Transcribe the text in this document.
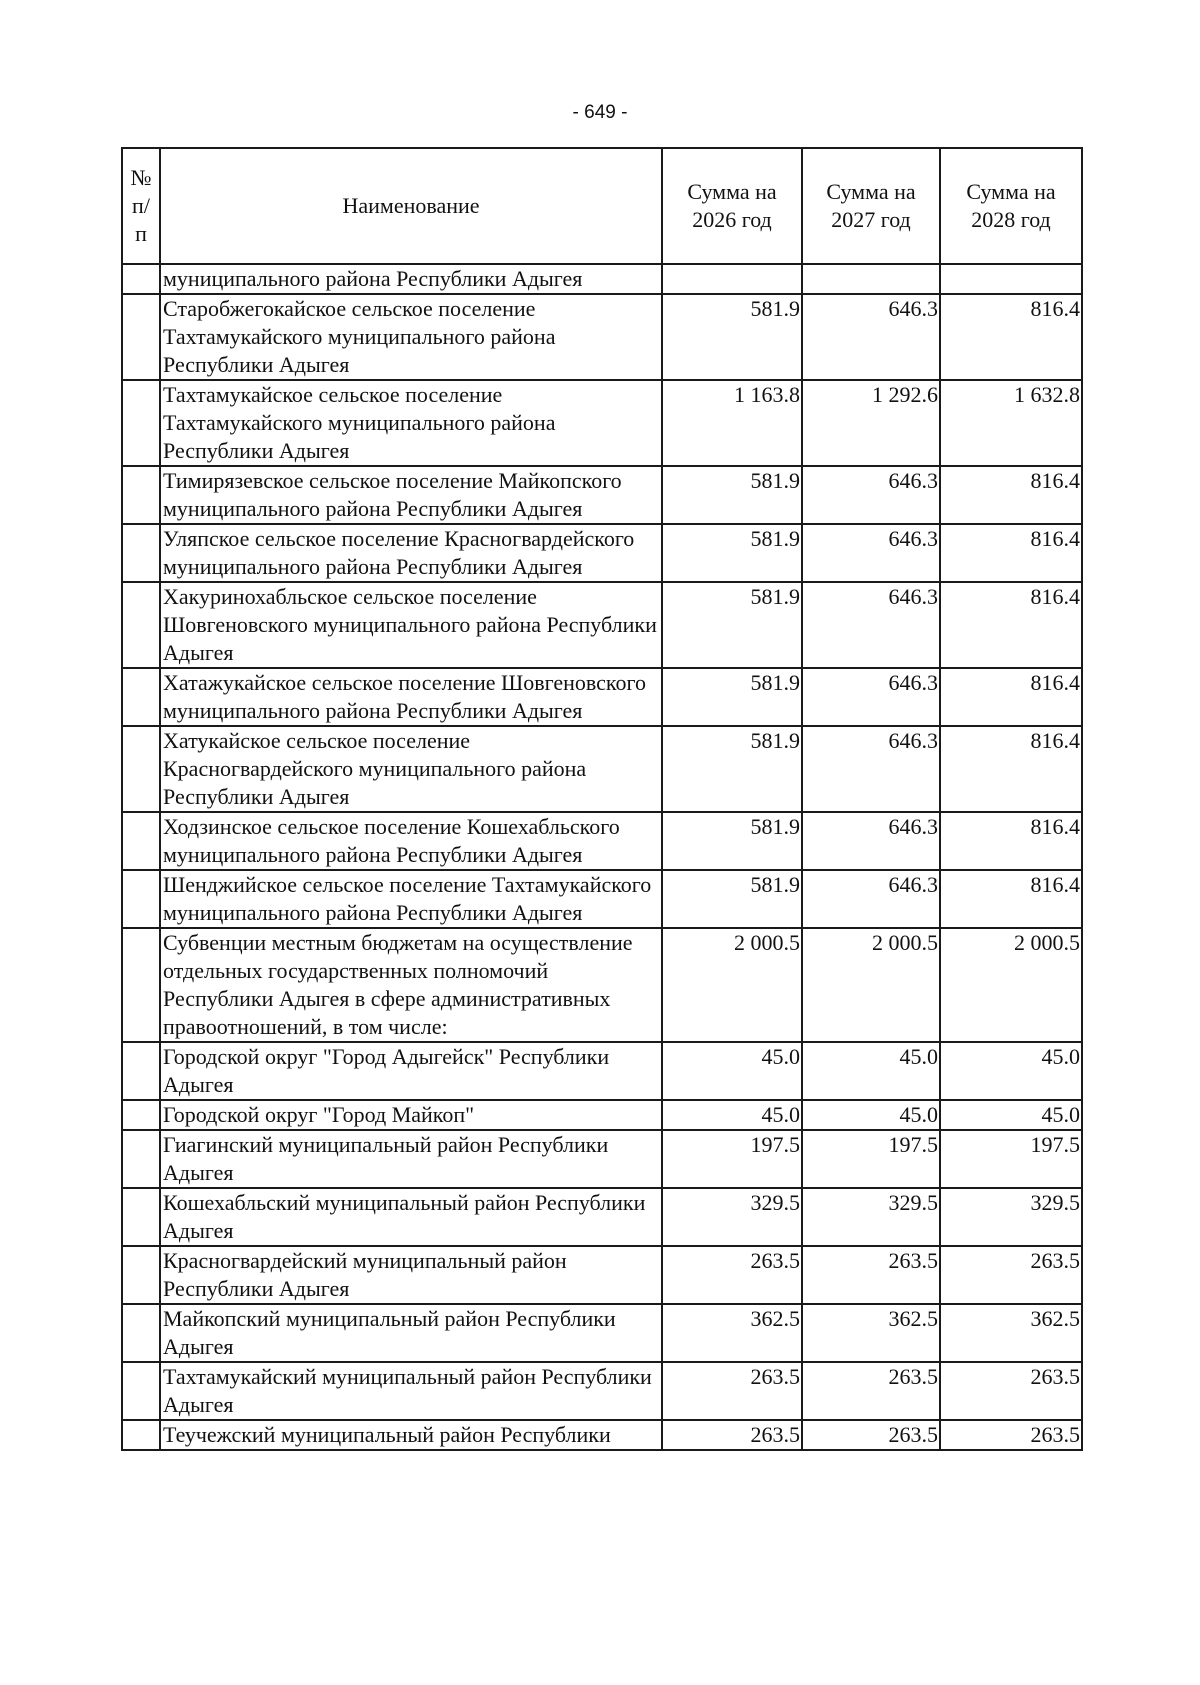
- 649 -
№ п/п	Наименование	Сумма на 2026 год	Сумма на 2027 год	Сумма на 2028 год
	муниципального района Республики Адыгея			
	Старобжегокайское сельское поселение Тахтамукайского муниципального района Республики Адыгея	581.9	646.3	816.4
	Тахтамукайское сельское поселение Тахтамукайского муниципального района Республики Адыгея	1 163.8	1 292.6	1 632.8
	Тимирязевское сельское поселение Майкопского муниципального района Республики Адыгея	581.9	646.3	816.4
	Уляпское сельское поселение Красногвардейского муниципального района Республики Адыгея	581.9	646.3	816.4
	Хакуринохабльское сельское поселение Шовгеновского муниципального района Республики Адыгея	581.9	646.3	816.4
	Хатажукайское сельское поселение Шовгеновского муниципального района Республики Адыгея	581.9	646.3	816.4
	Хатукайское сельское поселение Красногвардейского муниципального района Республики Адыгея	581.9	646.3	816.4
	Ходзинское сельское поселение Кошехабльского муниципального района Республики Адыгея	581.9	646.3	816.4
	Шенджийское сельское поселение Тахтамукайского муниципального района Республики Адыгея	581.9	646.3	816.4
	Субвенции местным бюджетам на осуществление отдельных государственных полномочий Республики Адыгея в сфере административных правоотношений, в том числе:	2 000.5	2 000.5	2 000.5
	Городской округ "Город Адыгейск" Республики Адыгея	45.0	45.0	45.0
	Городской округ "Город Майкоп"	45.0	45.0	45.0
	Гиагинский муниципальный район Республики Адыгея	197.5	197.5	197.5
	Кошехабльский муниципальный район Республики Адыгея	329.5	329.5	329.5
	Красногвардейский муниципальный район Республики Адыгея	263.5	263.5	263.5
	Майкопский муниципальный район Республики Адыгея	362.5	362.5	362.5
	Тахтамукайский муниципальный район Республики Адыгея	263.5	263.5	263.5
	Теучежский муниципальный район Республики	263.5	263.5	263.5
